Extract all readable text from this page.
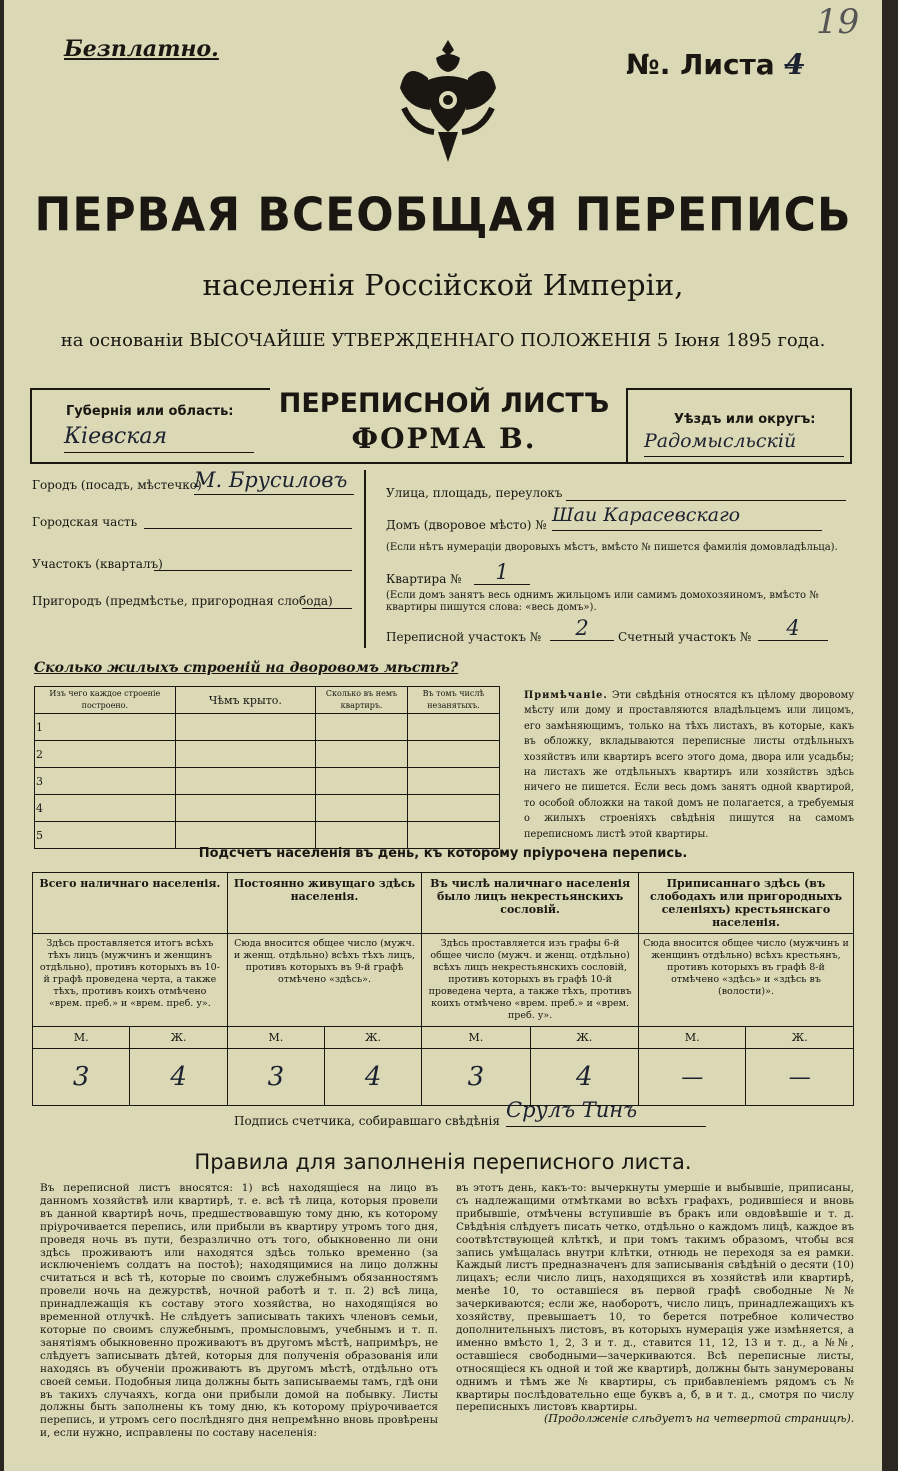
19
Безплатно.	№. Листа 4
ПЕРВАЯ ВСЕОБЩАЯ ПЕРЕПИСЬ
населенія Россійской Имперіи,
на основаніи ВЫСОЧАЙШЕ УТВЕРЖДЕННАГО ПОЛОЖЕНІЯ 5 Іюня 1895 года.
Губернія или область:
Кіевская
ПЕРЕПИСНОЙ ЛИСТЪ
ФОРМА В.
Уѣздъ или округъ:
Радомысльскій
Городъ (посадъ, мѣстечко)
М. Брусиловъ
Городская часть
Участокъ (кварталъ)
Пригородъ (предмѣстье, пригородная слобода)
Улица, площадь, переулокъ
Домъ (дворовое мѣсто) № Шаи Карасевскаго
(Если нѣтъ нумераціи дворовыхъ мѣстъ, вмѣсто № пишется фамилія домовладѣльца).
Квартира №	1
(Если домъ занятъ весь однимъ жильцомъ или самимъ домохозяиномъ, вмѣсто № квартиры пишутся слова: «весь домъ»).
Переписной участокъ №	2	Счетный участокъ №	4
Сколько жилыхъ строеній на дворовомъ мѣстѣ?
Изъ чего каждое строеніе построено.	Чѣмъ крыто.	Сколько въ немъ квартиръ.	Въ томъ числѣ незанятыхъ.
1			
2			
3			
4			
5			
Примѣчаніе. Эти свѣдѣнія относятся къ цѣлому дворовому мѣсту или дому и проставляются владѣльцемъ или лицомъ, его замѣняющимъ, только на тѣхъ листахъ, въ которые, какъ въ обложку, вкладываются переписные листы отдѣльныхъ хозяйствъ или квартиръ всего этого дома, двора или усадьбы; на листахъ же отдѣльныхъ квартиръ или хозяйствъ здѣсь ничего не пишется. Если весь домъ занятъ одной квартирой, то особой обложки на такой домъ не полагается, а требуемыя о жилыхъ строеніяхъ свѣдѣнія пишутся на самомъ переписномъ листѣ этой квартиры.
Подсчетъ населенія въ день, къ которому пріурочена перепись.
Всего наличнаго населенія.		Постоянно живущаго здѣсь населенія.		Въ числѣ наличнаго населенія было лицъ некрестьянскихъ сословій.		Приписаннаго здѣсь (въ слободахъ или пригородныхъ селеніяхъ) крестьянскаго населенія.	
Здѣсь проставляется итогъ всѣхъ тѣхъ лицъ (мужчинъ и женщинъ отдѣльно), противъ которыхъ въ 10-й графѣ проведена черта, а также тѣхъ, противъ коихъ отмѣчено «врем. преб.» и «врем. преб. у».		Сюда вносится общее число (мужч. и женщ. отдѣльно) всѣхъ тѣхъ лицъ, противъ которыхъ въ 9-й графѣ отмѣчено «здѣсь».		Здѣсь проставляется изъ графы 6-й общее число (мужч. и женщ. отдѣльно) всѣхъ лицъ некрестьянскихъ сословій, противъ которыхъ въ графѣ 10-й проведена черта, а также тѣхъ, противъ коихъ отмѣчено «врем. преб.» и «врем. преб. у».		Сюда вносится общее число (мужчинъ и женщинъ отдѣльно) всѣхъ крестьянъ, противъ которыхъ въ графѣ 8-й отмѣчено «здѣсь» и «здѣсь въ (волости)».	
М.	Ж.	М.	Ж.	М.	Ж.	М.	Ж.
3	4	3	4	3	4	—	—
Подпись счетчика, собиравшаго свѣдѣнія Срулъ Тинъ
Правила для заполненія переписного листа.
Въ переписной листъ вносятся: 1) всѣ находящіеся на лицо въ данномъ хозяйствѣ или квартирѣ, т. е. всѣ тѣ лица, которыя провели въ данной квартирѣ ночь, предшествовавшую тому дню, къ которому пріурочивается перепись, или прибыли въ квартиру утромъ того дня, проведя ночь въ пути, безразлично отъ того, обыкновенно ли они здѣсь проживаютъ или находятся здѣсь только временно (за исключеніемъ солдатъ на постоѣ); находящимися на лицо должны считаться и всѣ тѣ, которые по своимъ служебнымъ обязанностямъ провели ночь на дежурствѣ, ночной работѣ и т. п. 2) всѣ лица, принадлежащія къ составу этого хозяйства, но находящіяся во временной отлучкѣ. Не слѣдуетъ записывать такихъ членовъ семьи, которые по своимъ служебнымъ, промысловымъ, учебнымъ и т. п. занятіямъ обыкновенно проживаютъ въ другомъ мѣстѣ, напримѣръ, не слѣдуетъ записывать дѣтей, которыя для полученія образованія или находясь въ обученіи проживаютъ въ другомъ мѣстѣ, отдѣльно отъ своей семьи. Подобныя лица должны быть записываемы тамъ, гдѣ они въ такихъ случаяхъ, когда они прибыли домой на побывку. Листы должны быть заполнены къ тому дню, къ которому пріурочивается перепись, и утромъ сего послѣдняго дня непремѣнно вновь провѣрены и, если нужно, исправлены по составу населенія:
въ этотъ день, какъ-то: вычеркнуты умершіе и выбывшіе, приписаны, съ надлежащими отмѣтками во всѣхъ графахъ, родившіеся и вновь прибывшіе, отмѣчены вступившіе въ бракъ или овдовѣвшіе и т. д. Свѣдѣнія слѣдуетъ писать четко, отдѣльно о каждомъ лицѣ, каждое въ соотвѣтствующей клѣткѣ, и при томъ такимъ образомъ, чтобы вся запись умѣщалась внутри клѣтки, отнюдь не переходя за ея рамки. Каждый листъ предназначенъ для записыванія свѣдѣній о десяти (10) лицахъ; если число лицъ, находящихся въ хозяйствѣ или квартирѣ, менѣе 10, то оставшіеся въ первой графѣ свободные №№ зачеркиваются; если же, наоборотъ, число лицъ, принадлежащихъ къ хозяйству, превышаетъ 10, то берется потребное количество дополнительныхъ листовъ, въ которыхъ нумерація уже измѣняется, а именно вмѣсто 1, 2, 3 и т. д., ставится 11, 12, 13 и т. д., а №№, оставшіеся свободными—зачеркиваются. Всѣ переписные листы, относящіеся къ одной и той же квартирѣ, должны быть занумерованы однимъ и тѣмъ же № квартиры, съ прибавленіемъ рядомъ съ № квартиры послѣдовательно еще буквъ а, б, в и т. д., смотря по числу переписныхъ листовъ квартиры.
(Продолженіе слѣдуетъ на четвертой страницѣ).
